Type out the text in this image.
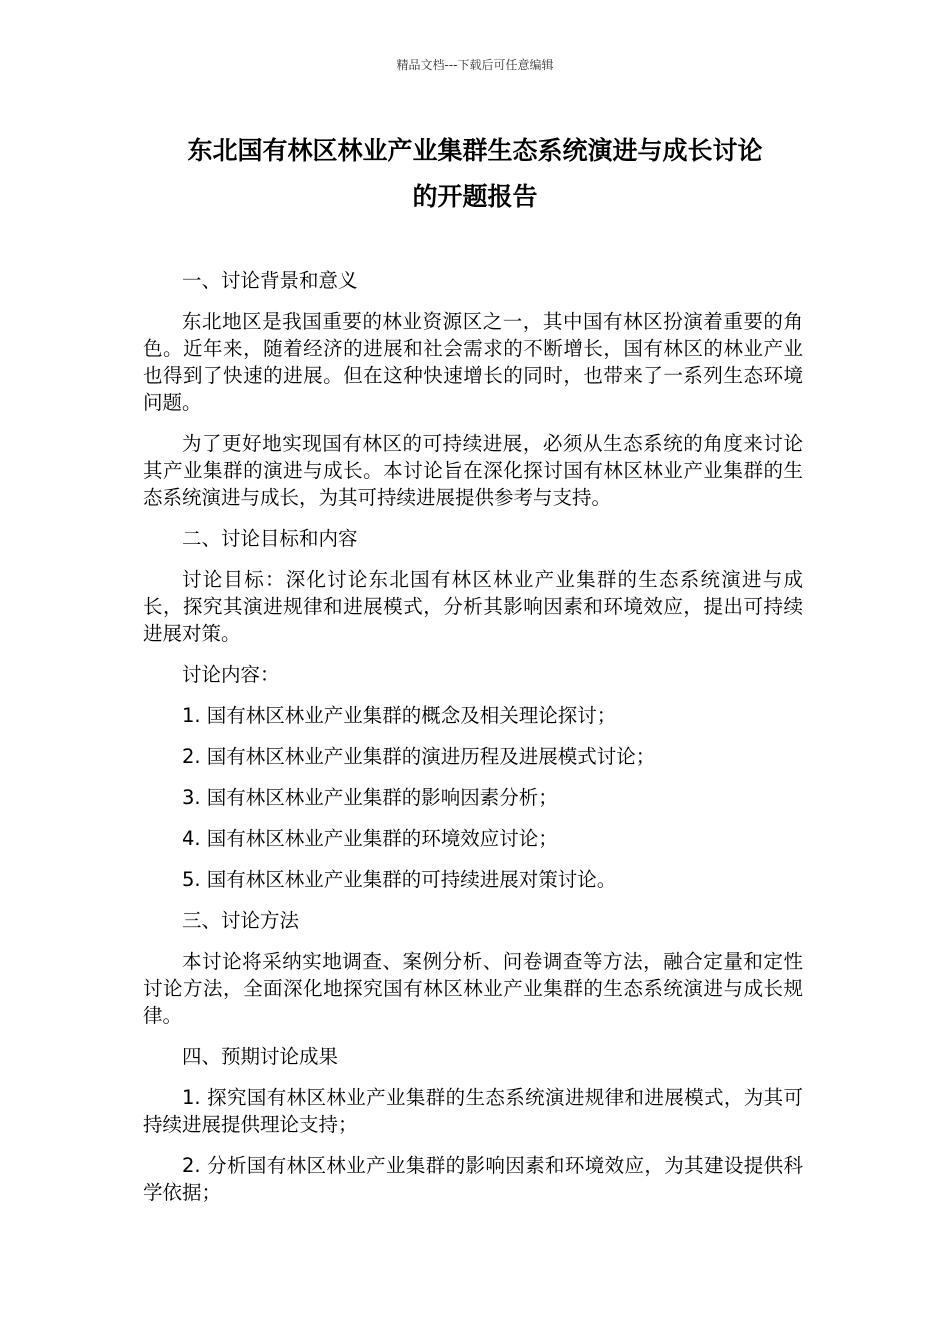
精品文档---下载后可任意编辑
东北国有林区林业产业集群生态系统演进与成长讨论
的开题报告

一、讨论背景和意义

东北地区是我国重要的林业资源区之一，其中国有林区扮演着重要的角色。近年来，随着经济的进展和社会需求的不断增长，国有林区的林业产业也得到了快速的进展。但在这种快速增长的同时，也带来了一系列生态环境问题。

为了更好地实现国有林区的可持续进展，必须从生态系统的角度来讨论其产业集群的演进与成长。本讨论旨在深化探讨国有林区林业产业集群的生态系统演进与成长，为其可持续进展提供参考与支持。

二、讨论目标和内容

讨论目标：深化讨论东北国有林区林业产业集群的生态系统演进与成长，探究其演进规律和进展模式，分析其影响因素和环境效应，提出可持续进展对策。

讨论内容：

1. 国有林区林业产业集群的概念及相关理论探讨；

2. 国有林区林业产业集群的演进历程及进展模式讨论；

3. 国有林区林业产业集群的影响因素分析；

4. 国有林区林业产业集群的环境效应讨论；

5. 国有林区林业产业集群的可持续进展对策讨论。

三、讨论方法

本讨论将采纳实地调查、案例分析、问卷调查等方法，融合定量和定性讨论方法，全面深化地探究国有林区林业产业集群的生态系统演进与成长规律。

四、预期讨论成果

1. 探究国有林区林业产业集群的生态系统演进规律和进展模式，为其可持续进展提供理论支持；

2. 分析国有林区林业产业集群的影响因素和环境效应，为其建设提供科学依据；
